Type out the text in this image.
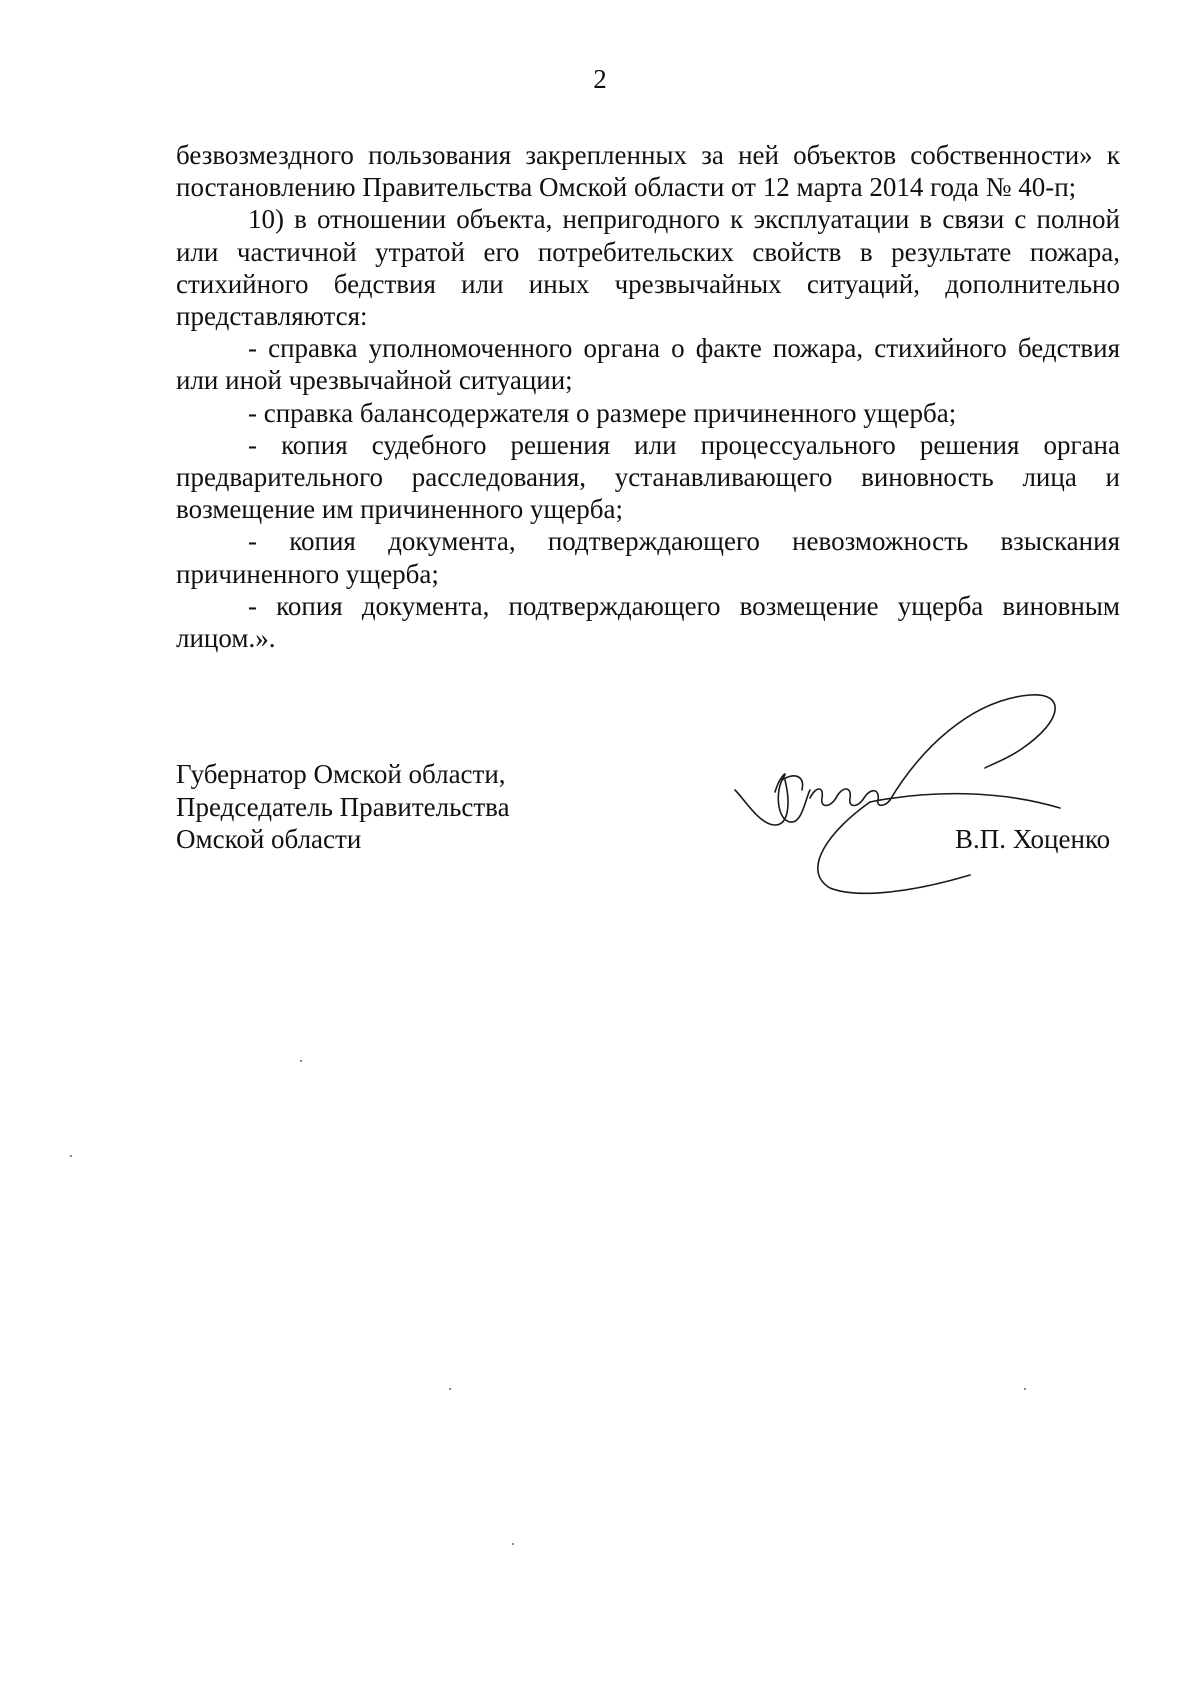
2

безвозмездного пользования закрепленных за ней объектов собственности» к постановлению Правительства Омской области от 12 марта 2014 года № 40-п;

10) в отношении объекта, непригодного к эксплуатации в связи с полной или частичной утратой его потребительских свойств в результате пожара, стихийного бедствия или иных чрезвычайных ситуаций, дополнительно представляются:

- справка уполномоченного органа о факте пожара, стихийного бедствия или иной чрезвычайной ситуации;

- справка балансодержателя о размере причиненного ущерба;

- копия судебного решения или процессуального решения органа предварительного расследования, устанавливающего виновность лица и возмещение им причиненного ущерба;

- копия документа, подтверждающего невозможность взыскания причиненного ущерба;

- копия документа, подтверждающего возмещение ущерба виновным лицом.».

Губернатор Омской области,
Председатель Правительства
Омской области	В.П. Хоценко
